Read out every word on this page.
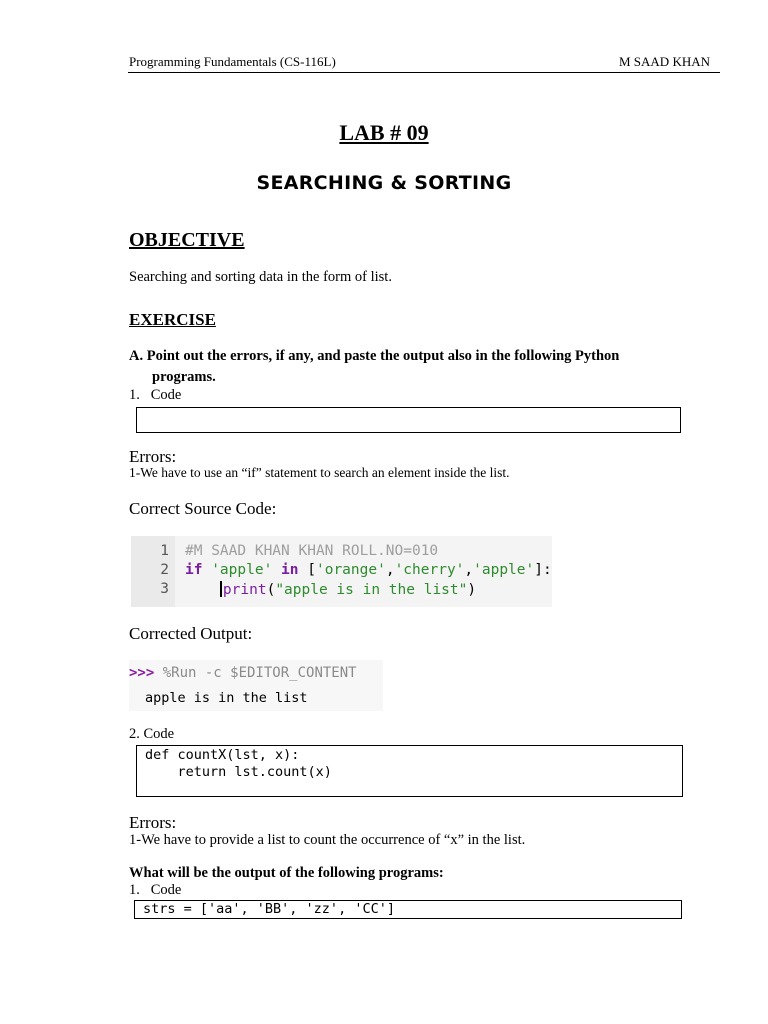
Programming Fundamentals (CS-116L)	M SAAD KHAN
LAB # 09
SEARCHING & SORTING
OBJECTIVE
Searching and sorting data in the form of list.
EXERCISE
A. Point out the errors, if any, and paste the output also in the following Python
programs.
1.   Code
Errors:
1-We have to use an “if” statement to search an element inside the list.
Correct Source Code:
1
2
3
#M SAAD KHAN KHAN ROLL.NO=010
if 'apple' in ['orange','cherry','apple']:
print("apple is in the list")
Corrected Output:
>>> %Run -c $EDITOR_CONTENT
apple is in the list
2. Code
def countX(lst, x):
return lst.count(x)
Errors:
1-We have to provide a list to count the occurrence of “x” in the list.
What will be the output of the following programs:
1.   Code
strs = ['aa', 'BB', 'zz', 'CC']
